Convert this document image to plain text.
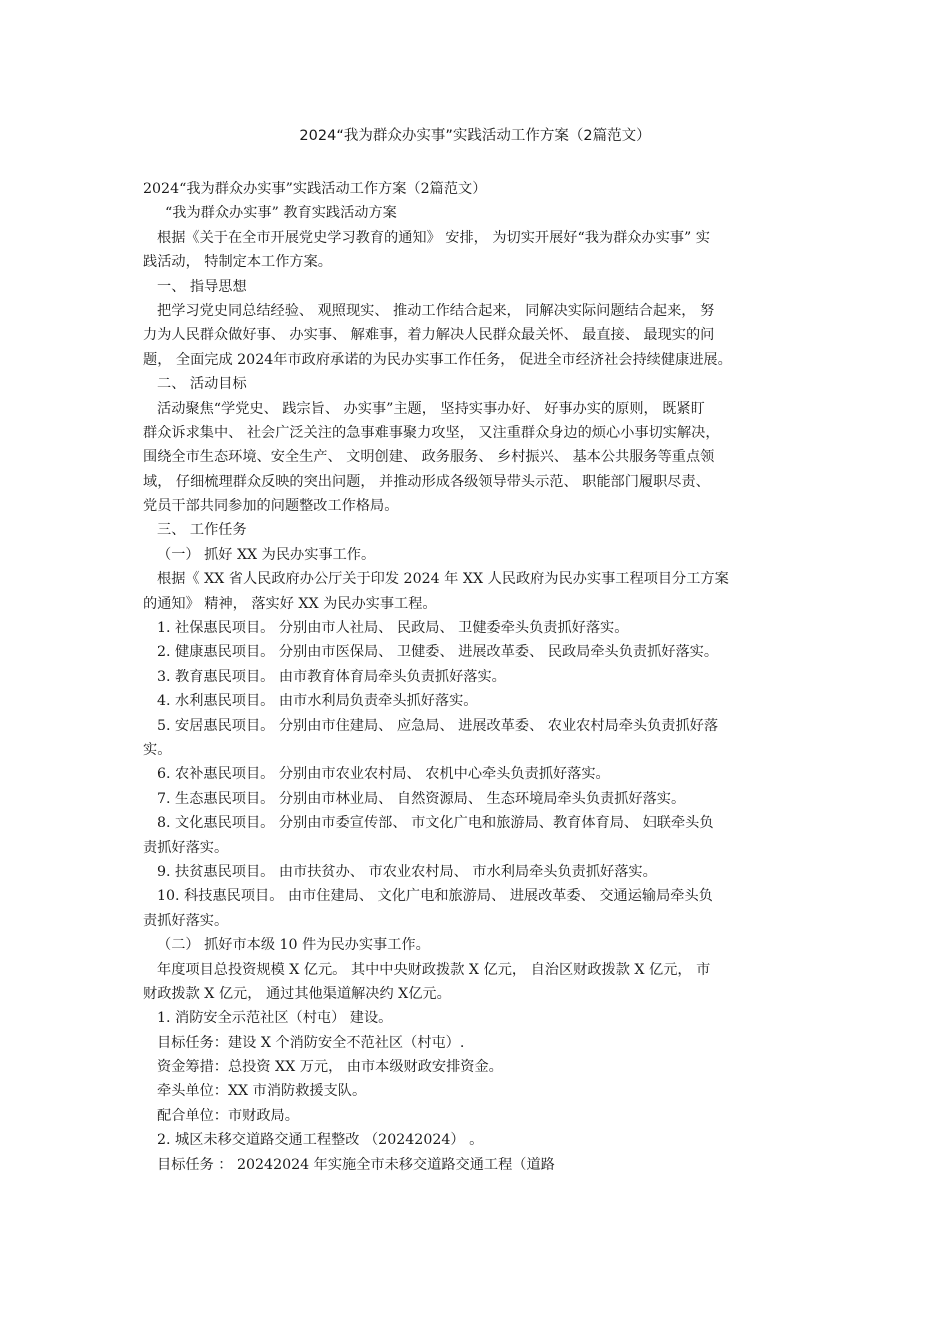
2024“我为群众办实事”实践活动工作方案（2篇范文）
2024“我为群众办实事”实践活动工作方案（2篇范文）
“我为群众办实事” 教育实践活动方案
根据《关于在全市开展党史学习教育的通知》 安排， 为切实开展好“我为群众办实事” 实
践活动， 特制定本工作方案。
一、 指导思想
把学习党史同总结经验、 观照现实、 推动工作结合起来， 同解决实际问题结合起来， 努
力为人民群众做好事、 办实事、 解难事，着力解决人民群众最关怀、 最直接、 最现实的问
题， 全面完成 2024年市政府承诺的为民办实事工作任务， 促进全市经济社会持续健康进展。
二、 活动目标
活动聚焦“学党史、 践宗旨、 办实事”主题， 坚持实事办好、 好事办实的原则， 既紧盯
群众诉求集中、 社会广泛关注的急事难事聚力攻坚， 又注重群众身边的烦心小事切实解决，
围绕全市生态环境、安全生产、 文明创建、 政务服务、 乡村振兴、 基本公共服务等重点领
域， 仔细梳理群众反映的突出问题， 并推动形成各级领导带头示范、 职能部门履职尽责、
党员干部共同参加的问题整改工作格局。
三、 工作任务
（一） 抓好 XX 为民办实事工作。
根据《 XX 省人民政府办公厅关于印发 2024 年 XX 人民政府为民办实事工程项目分工方案
的通知》 精神， 落实好 XX 为民办实事工程。
1. 社保惠民项目。 分别由市人社局、 民政局、 卫健委牵头负责抓好落实。
2. 健康惠民项目。 分别由市医保局、 卫健委、 进展改革委、 民政局牵头负责抓好落实。
3. 教育惠民项目。 由市教育体育局牵头负责抓好落实。
4. 水利惠民项目。 由市水利局负责牵头抓好落实。
5. 安居惠民项目。 分别由市住建局、 应急局、 进展改革委、 农业农村局牵头负责抓好落
实。
6. 农补惠民项目。 分别由市农业农村局、 农机中心牵头负责抓好落实。
7. 生态惠民项目。 分别由市林业局、 自然资源局、 生态环境局牵头负责抓好落实。
8. 文化惠民项目。 分别由市委宣传部、 市文化广电和旅游局、教育体育局、 妇联牵头负
责抓好落实。
9. 扶贫惠民项目。 由市扶贫办、 市农业农村局、 市水利局牵头负责抓好落实。
10. 科技惠民项目。 由市住建局、 文化广电和旅游局、 进展改革委、 交通运输局牵头负
责抓好落实。
（二） 抓好市本级 10 件为民办实事工作。
年度项目总投资规模 X 亿元。 其中中央财政拨款 X 亿元， 自治区财政拨款 X 亿元， 市
财政拨款 X 亿元， 通过其他渠道解决约 X亿元。
1. 消防安全示范社区（村屯） 建设。
目标任务：建设 X 个消防安全不范社区（村屯）.
资金筹措：总投资 XX 万元， 由市本级财政安排资金。
牵头单位：XX 市消防救援支队。
配合单位：市财政局。
2. 城区未移交道路交通工程整改 （20242024） 。
目标任务 ： 20242024 年实施全市未移交道路交通工程（道路
